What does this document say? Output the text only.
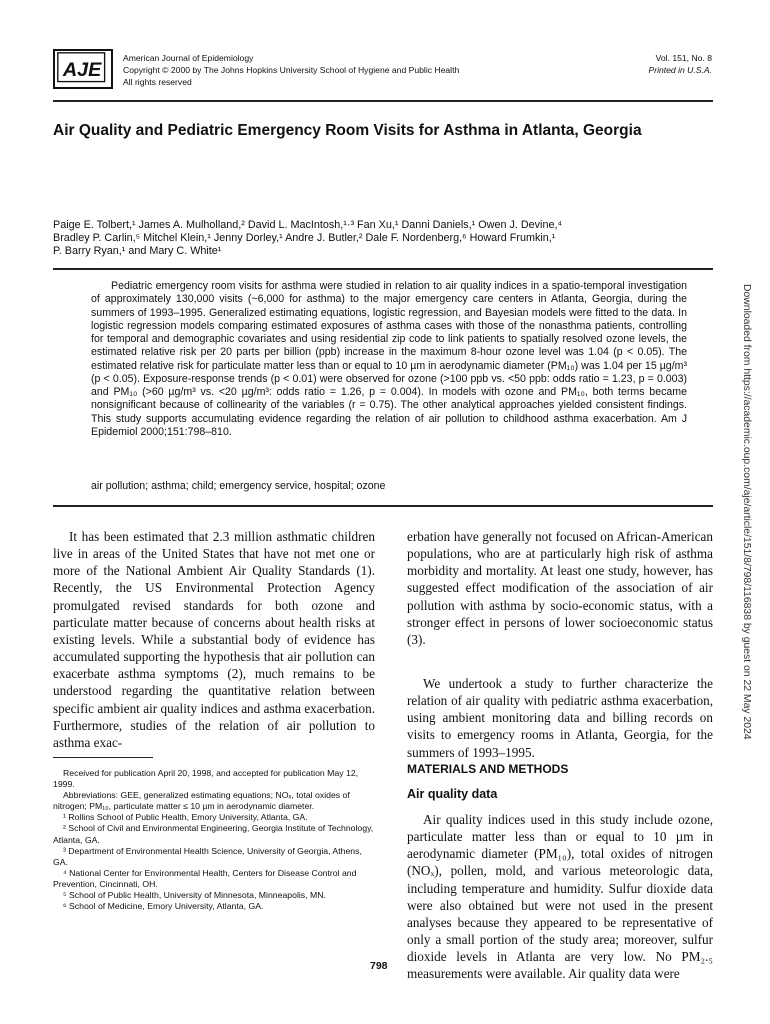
AJE
American Journal of Epidemiology
Copyright © 2000 by The Johns Hopkins University School of Hygiene and Public Health
All rights reserved
Vol. 151, No. 8
Printed in U.S.A.
Air Quality and Pediatric Emergency Room Visits for Asthma in Atlanta, Georgia
Paige E. Tolbert,¹ James A. Mulholland,² David L. MacIntosh,¹·³ Fan Xu,¹ Danni Daniels,¹ Owen J. Devine,⁴
Bradley P. Carlin,⁵ Mitchel Klein,¹ Jenny Dorley,¹ Andre J. Butler,² Dale F. Nordenberg,⁶ Howard Frumkin,¹
P. Barry Ryan,¹ and Mary C. White¹
Pediatric emergency room visits for asthma were studied in relation to air quality indices in a spatio-temporal investigation of approximately 130,000 visits (~6,000 for asthma) to the major emergency care centers in Atlanta, Georgia, during the summers of 1993–1995. Generalized estimating equations, logistic regression, and Bayesian models were fitted to the data. In logistic regression models comparing estimated exposures of asthma cases with those of the nonasthma patients, controlling for temporal and demographic covariates and using residential zip code to link patients to spatially resolved ozone levels, the estimated relative risk per 20 parts per billion (ppb) increase in the maximum 8-hour ozone level was 1.04 (p < 0.05). The estimated relative risk for particulate matter less than or equal to 10 µm in aerodynamic diameter (PM₁₀) was 1.04 per 15 µg/m³ (p < 0.05). Exposure-response trends (p < 0.01) were observed for ozone (>100 ppb vs. <50 ppb: odds ratio = 1.23, p = 0.003) and PM₁₀ (>60 µg/m³ vs. <20 µg/m³: odds ratio = 1.26, p = 0.004). In models with ozone and PM₁₀, both terms became nonsignificant because of collinearity of the variables (r = 0.75). The other analytical approaches yielded consistent findings. This study supports accumulating evidence regarding the relation of air pollution to childhood asthma exacerbation. Am J Epidemiol 2000;151:798–810.
air pollution; asthma; child; emergency service, hospital; ozone
It has been estimated that 2.3 million asthmatic children live in areas of the United States that have not met one or more of the National Ambient Air Quality Standards (1). Recently, the US Environmental Protection Agency promulgated revised standards for both ozone and particulate matter because of concerns about health risks at existing levels. While a substantial body of evidence has accumulated supporting the hypothesis that air pollution can exacerbate asthma symptoms (2), much remains to be understood regarding the quantitative relation between specific ambient air quality indices and asthma exacerbation. Furthermore, studies of the relation of air pollution to asthma exac-
erbation have generally not focused on African-American populations, who are at particularly high risk of asthma morbidity and mortality. At least one study, however, has suggested effect modification of the association of air pollution with asthma by socio-economic status, with a stronger effect in persons of lower socioeconomic status (3).
We undertook a study to further characterize the relation of air quality with pediatric asthma exacerbation, using ambient monitoring data and billing records on visits to emergency rooms in Atlanta, Georgia, for the summers of 1993–1995.
MATERIALS AND METHODS
Air quality data
Air quality indices used in this study include ozone, particulate matter less than or equal to 10 µm in aerodynamic diameter (PM₁₀), total oxides of nitrogen (NOₓ), pollen, mold, and various meteorologic data, including temperature and humidity. Sulfur dioxide data were also obtained but were not used in the present analyses because they appeared to be representative of only a small portion of the study area; moreover, sulfur dioxide levels in Atlanta are very low. No PM₂.₅ measurements were available. Air quality data were

Received for publication April 20, 1998, and accepted for publication May 12, 1999.

Abbreviations: GEE, generalized estimating equations; NOₓ, total oxides of nitrogen; PM₁₀, particulate matter ≤ 10 µm in aerodynamic diameter.

¹ Rollins School of Public Health, Emory University, Atlanta, GA.

² School of Civil and Environmental Engineering, Georgia Institute of Technology, Atlanta, GA.

³ Department of Environmental Health Science, University of Georgia, Athens, GA.

⁴ National Center for Environmental Health, Centers for Disease Control and Prevention, Cincinnati, OH.

⁵ School of Public Health, University of Minnesota, Minneapolis, MN.

⁶ School of Medicine, Emory University, Atlanta, GA.

798
Downloaded from https://academic.oup.com/aje/article/151/8/798/116838 by guest on 22 May 2024
